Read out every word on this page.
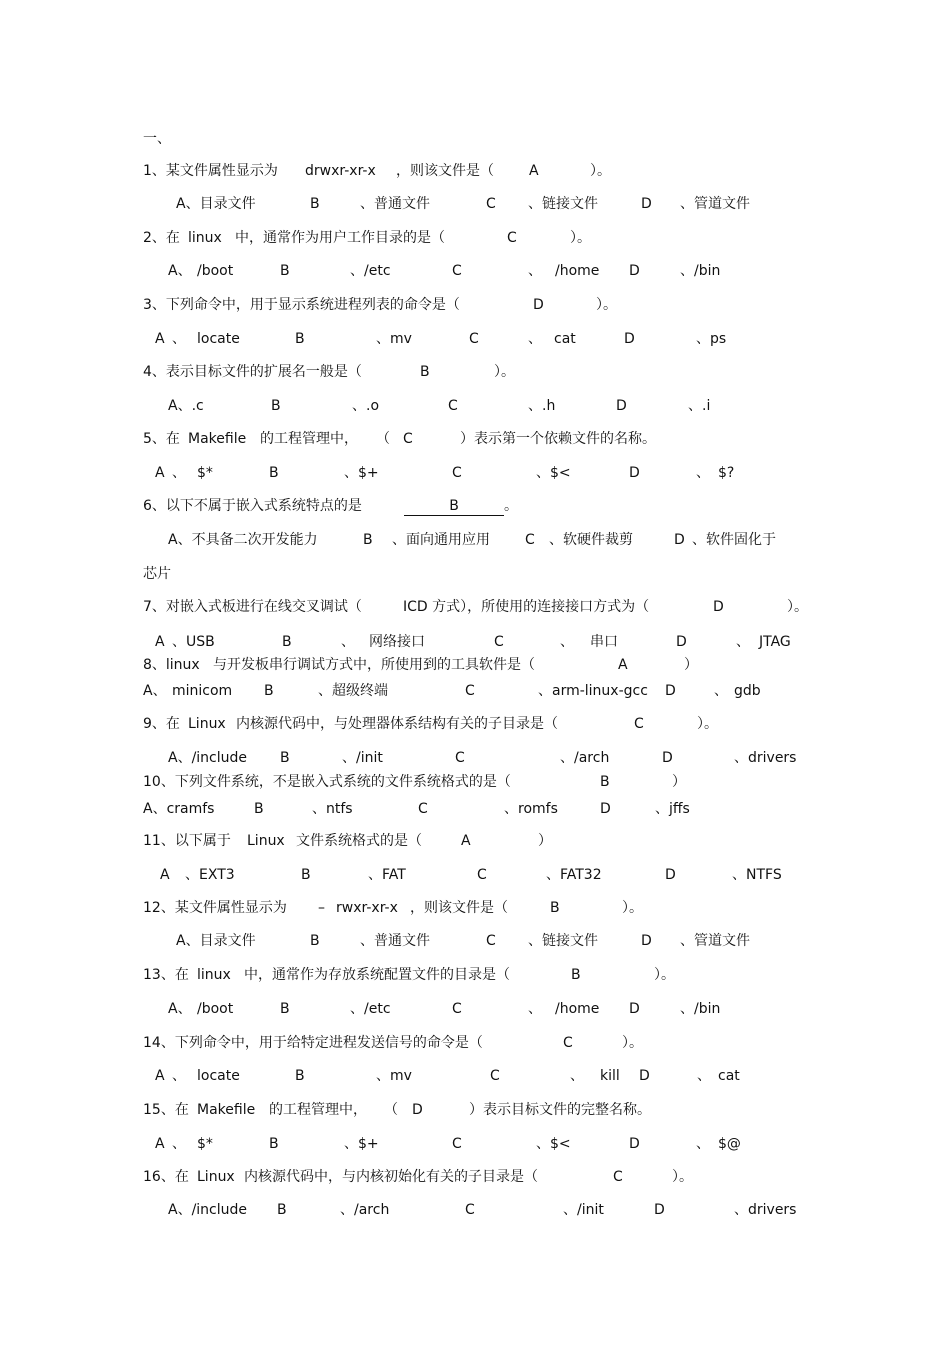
一、
1、某文件属性显示为 drwxr-xr-x ，则该文件是（	A	）。
A、目录文件	B	、普通文件	C 、链接文件	D 、管道文件
2、在 linux 中，通常作为用户工作目录的是（	C	）。
A、 /boot	B	、/etc	C	、 /home D	、/bin
3、下列命令中，用于显示系统进程列表的命令是（	D	）。
A 、 locate	B	、mv	C	、 cat	D	、ps
4、表示目标文件的扩展名一般是（	B	）。
A、.c	B	、.o	C	、.h	D	、.i
5、在 Makefile 的工程管理中， （ C	）表示第一个依赖文件的名称。
A 、 $*	B	、$+	C	、$<	D	、 $?
6、以下不属于嵌入式系统特点的是	B	。
A、不具备二次开发能力	B 、面向通用应用	C 、软硬件裁剪	D 、软件固化于
芯片
7、对嵌入式板进行在线交叉调试（	ICD 方式），所使用的连接接口方式为（	D	）。
A 、USB	B	、 网络接口	C	、 串口	D	、 JTAG
8、linux 与开发板串行调试方式中，所使用到的工具软件是（	A	）
A、 minicom B	、超级终端	C	、arm-linux-gcc D	、 gdb
9、在 Linux 内核源代码中，与处理器体系结构有关的子目录是（	C	）。
A、/include B	、/init	C	、/arch	D	、drivers
10、下列文件系统，不是嵌入式系统的文件系统格式的是（	B	）
A、cramfs	B	、ntfs	C	、romfs	D	、jffs
11、以下属于 Linux 文件系统格式的是（	A	）
A 、EXT3	B	、FAT	C	、FAT32	D	、NTFS
12、某文件属性显示为 – rwxr-xr-x ，则该文件是（	B	）。
A、目录文件	B	、普通文件	C 、链接文件	D 、管道文件
13、在 linux 中，通常作为存放系统配置文件的目录是（	B	）。
A、 /boot	B	、/etc	C	、 /home D	、/bin
14、下列命令中，用于给特定进程发送信号的命令是（	C	）。
A 、 locate	B	、mv	C	、 kill D	、 cat
15、在 Makefile 的工程管理中， （ D	）表示目标文件的完整名称。
A 、 $*	B	、$+	C	、$<	D	、 $@
16、在 Linux 内核源代码中，与内核初始化有关的子目录是（	C	）。
A、/include B	、/arch	C	、/init	D	、drivers
